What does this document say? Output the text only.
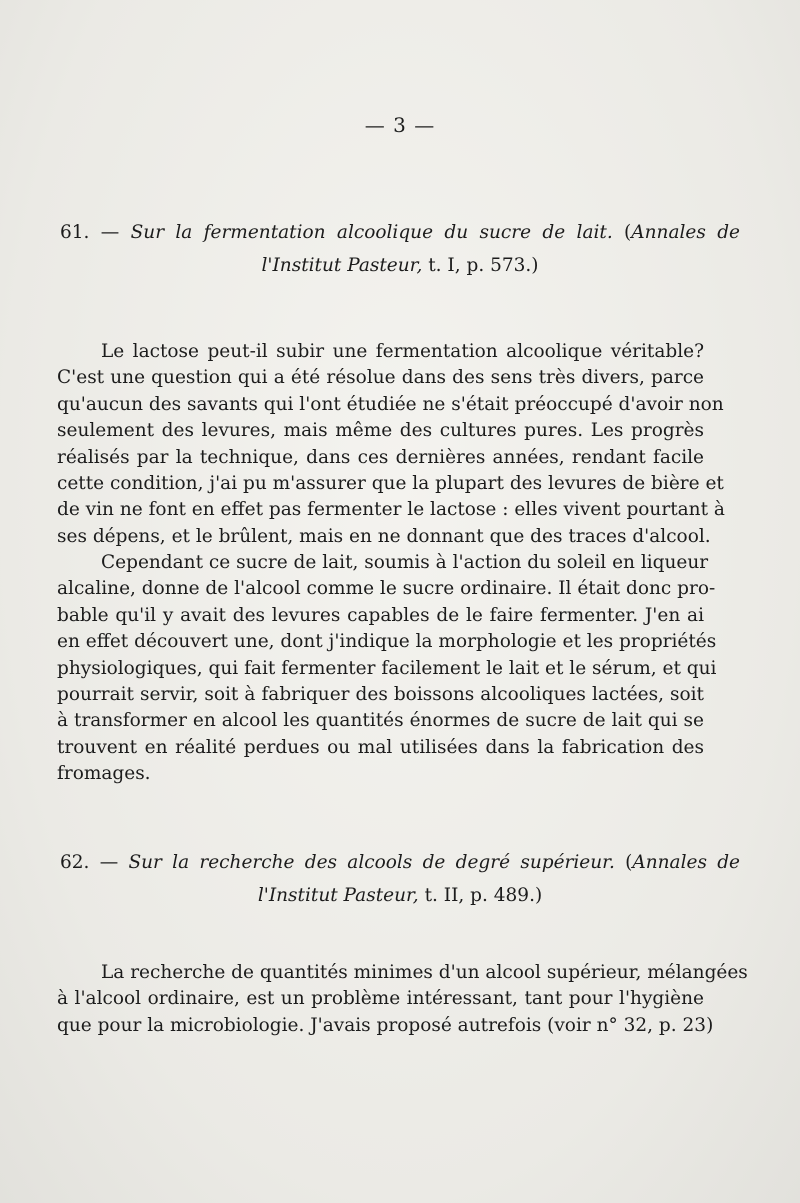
— 3 —
61. — Sur la fermentation alcoolique du sucre de lait. (Annales de
l'Institut Pasteur, t. I, p. 573.)
Le lactose peut-il subir une fermentation alcoolique véritable?
C'est une question qui a été résolue dans des sens très divers, parce
qu'aucun des savants qui l'ont étudiée ne s'était préoccupé d'avoir non
seulement des levures, mais même des cultures pures. Les progrès
réalisés par la technique, dans ces dernières années, rendant facile
cette condition, j'ai pu m'assurer que la plupart des levures de bière et
de vin ne font en effet pas fermenter le lactose : elles vivent pourtant à
ses dépens, et le brûlent, mais en ne donnant que des traces d'alcool.
Cependant ce sucre de lait, soumis à l'action du soleil en liqueur
alcaline, donne de l'alcool comme le sucre ordinaire. Il était donc pro-
bable qu'il y avait des levures capables de le faire fermenter. J'en ai
en effet découvert une, dont j'indique la morphologie et les propriétés
physiologiques, qui fait fermenter facilement le lait et le sérum, et qui
pourrait servir, soit à fabriquer des boissons alcooliques lactées, soit
à transformer en alcool les quantités énormes de sucre de lait qui se
trouvent en réalité perdues ou mal utilisées dans la fabrication des
fromages.
62. — Sur la recherche des alcools de degré supérieur. (Annales de
l'Institut Pasteur, t. II, p. 489.)
La recherche de quantités minimes d'un alcool supérieur, mélangées
à l'alcool ordinaire, est un problème intéressant, tant pour l'hygiène
que pour la microbiologie. J'avais proposé autrefois (voir n° 32, p. 23)
